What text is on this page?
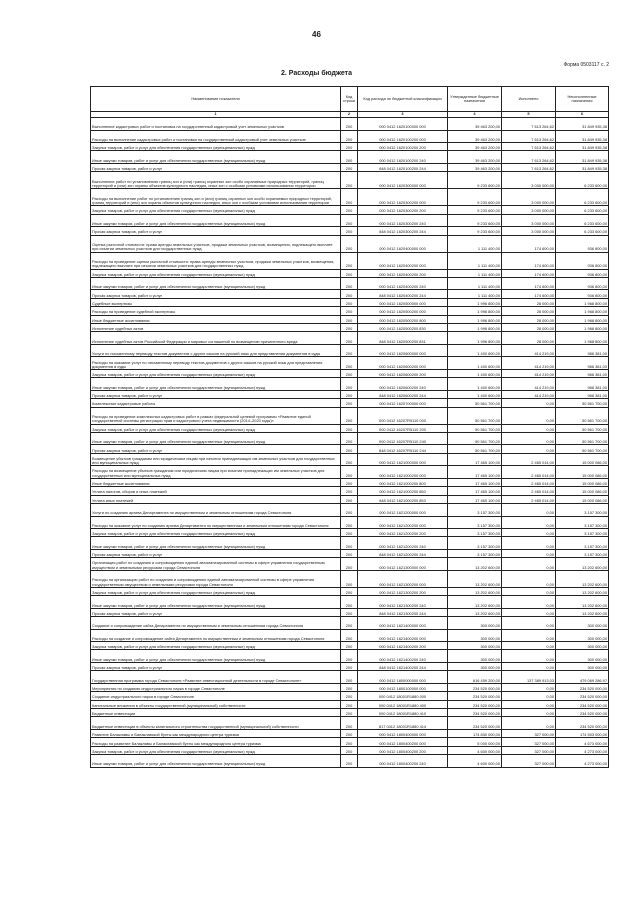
46
Форма 0503117 с. 2
2. Расходы бюджета
Наименование показателя	Код строки	Код расхода по бюджетной классификации	Утвержденные бюджетные назначения	Исполнено	Неисполненные назначения
1	2	3	4	5	6
Выполнение кадастровых работ и постановка на государственный кадастровый учет земельных участков	200	000 0412 1620100000 000	39 463 200,00	7 613 264,62	31 849 935,38
Расходы на выполнение кадастровых работ и постановка на государственный кадастровый учет земельных участков	200	000 0412 1620100200 000	39 463 200,00	7 613 264,62	31 849 935,38
Закупка товаров, работ и услуг для обеспечения государственных (муниципальных) нужд	200	000 0412 1620100200 200	39 463 200,00	7 613 264,62	31 849 935,38
Иные закупки товаров, работ и услуг для обеспечения государственных (муниципальных) нужд	200	000 0412 1620100200 240	39 463 200,00	7 613 264,62	31 849 935,38
Прочая закупка товаров, работ и услуг	200	848 0412 1620100200 244	39 463 200,00	7 613 264,62	31 849 935,38
Выполнение работ по установлению границ зон и (или) границ охранных зон особо охраняемых природных территорий, границ территорий и (или) зон охраны объектов культурного наследия, иных зон с особыми условиями использования территории	200	000 0412 1620300000 000	9 233 600,00	3 000 000,00	6 233 600,00
Расходы на выполнение работ по установлению границ зон и (или) границ охранных зон особо охраняемых природных территорий, границ территорий и (или) зон охраны объектов культурного наследия, иных зон с особыми условиями использования территории	200	000 0412 1620300200 000	9 233 600,00	3 000 000,00	6 233 600,00
Закупка товаров, работ и услуг для обеспечения государственных (муниципальных) нужд	200	000 0412 1620300200 200	9 233 600,00	3 000 000,00	6 233 600,00
Иные закупки товаров, работ и услуг для обеспечения государственных (муниципальных) нужд	200	000 0412 1620300200 240	9 233 600,00	3 000 000,00	6 233 600,00
Прочая закупка товаров, работ и услуг	200	848 0412 1620300200 244	9 233 600,00	3 000 000,00	6 233 600,00
Оценка рыночной стоимости: права аренды земельных участков, продажи земельных участков, возмещения, подлежащего выплате при изъятии земельных участков для государственных нужд	200	000 0412 1620400000 000	1 111 400,00	174 600,00	936 800,00
Расходы на проведение оценки рыночной стоимости: права аренды земельных участков, продажи земельных участков, возмещения, подлежащего выплате при изъятии земельных участков для государственных нужд	200	000 0412 1620400200 000	1 111 400,00	174 600,00	936 800,00
Закупка товаров, работ и услуг для обеспечения государственных (муниципальных) нужд	200	000 0412 1620400200 200	1 111 400,00	174 600,00	936 800,00
Иные закупки товаров, работ и услуг для обеспечения государственных (муниципальных) нужд	200	000 0412 1620400200 240	1 111 400,00	174 600,00	936 800,00
Прочая закупка товаров, работ и услуг	200	848 0412 1620400200 244	1 111 400,00	174 600,00	936 800,00
Судебные экспертизы	200	000 0412 1620500000 000	1 996 800,00	28 000,00	1 968 800,00
Расходы на проведение судебной экспертизы	200	000 0412 1620500200 000	1 996 800,00	28 000,00	1 968 800,00
Иные бюджетные ассигнования	200	000 0412 1620500200 800	1 996 800,00	28 000,00	1 968 800,00
Исполнение судебных актов	200	000 0412 1620500200 830	1 996 800,00	28 000,00	1 968 800,00
Исполнение судебных актов Российской Федерации и мировых соглашений по возмещению причиненного вреда	200	848 0412 1620500200 831	1 996 800,00	28 000,00	1 968 800,00
Услуги по письменному переводу текстов документов с других языков на русский язык для представления документов в суды	200	000 0412 1620600000 000	1 400 600,00	414 219,00	986 381,00
Расходы на оказание услуг по письменному переводу текстов документов с других языков на русский язык для представления документов в суды	200	000 0412 1620600200 000	1 400 600,00	414 219,00	986 381,00
Закупка товаров, работ и услуг для обеспечения государственных (муниципальных) нужд	200	000 0412 1620600200 200	1 400 600,00	414 219,00	986 381,00
Иные закупки товаров, работ и услуг для обеспечения государственных (муниципальных) нужд	200	000 0412 1620600200 240	1 400 600,00	414 219,00	986 381,00
Прочая закупка товаров, работ и услуг	200	848 0412 1620600200 244	1 400 600,00	414 219,00	986 381,00
Комплексные кадастровые работы	200	000 0412 1620700000 000	50 561 700,00	0,00	50 561 700,00
Расходы на проведение комплексных кадастровых работ в рамках федеральной целевой программы «Развитие единой государственной системы регистрации прав и кадастрового учета недвижимости (2014–2020 годы)»	200	000 0412 16207R5110 000	50 561 700,00	0,00	50 561 700,00
Закупка товаров, работ и услуг для обеспечения государственных (муниципальных) нужд	200	000 0412 16207R5110 200	50 561 700,00	0,00	50 561 700,00
Иные закупки товаров, работ и услуг для обеспечения государственных (муниципальных) нужд	200	000 0412 16207R5110 240	50 561 700,00	0,00	50 561 700,00
Прочая закупка товаров, работ и услуг	200	848 0412 16207R5110 244	50 561 700,00	0,00	50 561 700,00
Возмещение убытков гражданам или юридическим лицам при изъятии принадлежащих им земельных участков для государственных или муниципальных нужд	200	000 0412 1621000000 000	17 465 100,00	2 465 014,00	15 000 086,00
Расходы на возмещение убытков гражданам или юридическим лицам при изъятии принадлежащих им земельных участков для государственных или муниципальных нужд	200	000 0412 1621000200 000	17 465 100,00	2 465 014,00	15 000 086,00
Иные бюджетные ассигнования	200	000 0412 1621000200 800	17 465 100,00	2 465 014,00	15 000 086,00
Уплата налогов, сборов и иных платежей	200	000 0412 1621000200 850	17 465 100,00	2 465 014,00	15 000 086,00
Уплата иных платежей	200	848 0412 1621000200 853	17 465 100,00	2 465 014,00	15 000 086,00
Услуги по созданию архива Департамента по имущественным и земельным отношениям города Севастополя	200	000 0412 1621200000 000	3 157 300,00	0,00	3 157 300,00
Расходы на оказание услуг по созданию архива Департамента по имущественным и земельным отношениям города Севастополя	200	000 0412 1621200200 000	3 157 300,00	0,00	3 157 300,00
Закупка товаров, работ и услуг для обеспечения государственных (муниципальных) нужд	200	000 0412 1621200200 200	3 157 300,00	0,00	3 157 300,00
Иные закупки товаров, работ и услуг для обеспечения государственных (муниципальных) нужд	200	000 0412 1621200200 240	3 157 300,00	0,00	3 157 300,00
Прочая закупка товаров, работ и услуг	200	848 0412 1621200200 244	3 157 300,00	0,00	3 157 300,00
Организация работ по созданию и сопровождению единой автоматизированной системы в сфере управления государственным имуществом и земельными ресурсами города Севастополя	200	000 0412 1621300000 000	13 202 600,00	0,00	13 202 600,00
Расходы на организацию работ по созданию и сопровождению единой автоматизированной системы в сфере управления государственным имуществом и земельными ресурсами города Севастополя	200	000 0412 1621300200 000	13 202 600,00	0,00	13 202 600,00
Закупка товаров, работ и услуг для обеспечения государственных (муниципальных) нужд	200	000 0412 1621300200 200	13 202 600,00	0,00	13 202 600,00
Иные закупки товаров, работ и услуг для обеспечения государственных (муниципальных) нужд	200	000 0412 1621300200 240	13 202 600,00	0,00	13 202 600,00
Прочая закупка товаров, работ и услуг	200	848 0412 1621300200 244	13 202 600,00	0,00	13 202 600,00
Создание и сопровождение сайта Департамента по имущественным и земельным отношениям города Севастополя	200	000 0412 1621400000 000	300 000,00	0,00	300 000,00
Расходы на создание и сопровождение сайта Департамента по имущественным и земельным отношениям города Севастополя	200	000 0412 1621400200 000	300 000,00	0,00	300 000,00
Закупка товаров, работ и услуг для обеспечения государственных (муниципальных) нужд	200	000 0412 1621400200 200	300 000,00	0,00	300 000,00
Иные закупки товаров, работ и услуг для обеспечения государственных (муниципальных) нужд	200	000 0412 1621400200 240	300 000,00	0,00	300 000,00
Прочая закупка товаров, работ и услуг	200	848 0412 1621400200 244	300 000,00	0,00	300 000,00
Государственная программа города Севастополя «Развитие инвестиционной деятельности в городе Севастополе»	200	000 0412 1800000000 000	616 459 200,00	137 389 913,03	479 069 286,97
Мероприятия по созданию индустриального парка в городе Севастополе	200	000 0412 1800100000 000	234 520 000,00	0,00	234 520 000,00
Создание индустриального парка в городе Севастополе	200	000 0412 18001R1880 000	234 520 000,00	0,00	234 520 000,00
Капитальные вложения в объекты государственной (муниципальной) собственности	200	000 0412 18001R1880 400	234 520 000,00	0,00	234 520 000,00
Бюджетные инвестиции	200	000 0412 18001R1880 410	234 520 000,00	0,00	234 520 000,00
Бюджетные инвестиции в объекты капитального строительства государственной (муниципальной) собственности	200	817 0412 18001R1880 414	234 520 000,00	0,00	234 520 000,00
Развитие Балаклавы и Балаклавской бухты как международного центра туризма	200	000 0412 1800400000 000	174 830 000,00	327 000,00	174 503 000,00
Расходы на развитие Балаклавы и Балаклавской бухты как международного центра туризма	200	000 0412 1800400200 000	5 000 000,00	327 000,00	4 673 000,00
Закупка товаров, работ и услуг для обеспечения государственных (муниципальных) нужд	200	000 0412 1800400200 200	4 600 000,00	327 000,00	4 273 000,00
Иные закупки товаров, работ и услуг для обеспечения государственных (муниципальных) нужд	200	000 0412 1800400200 240	4 600 000,00	327 000,00	4 273 000,00
